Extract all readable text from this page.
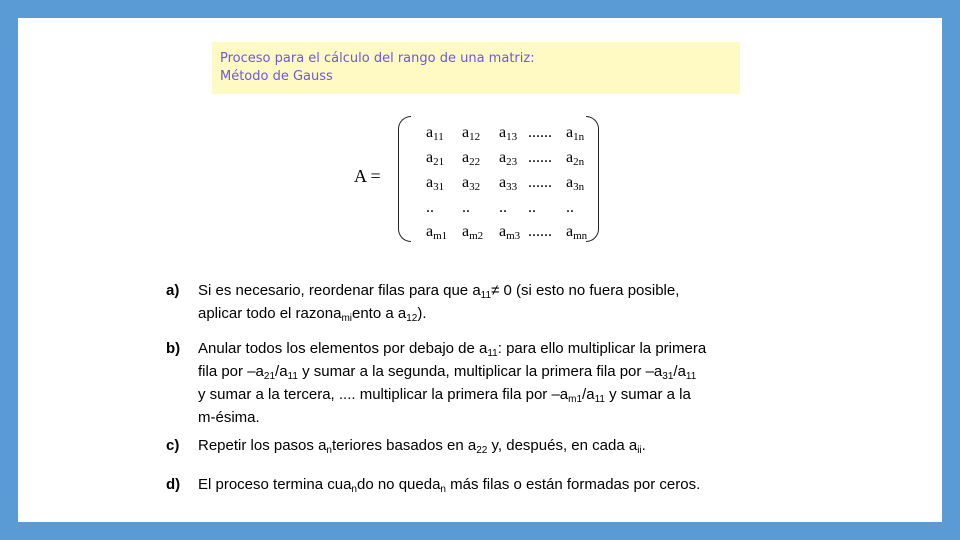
Proceso para el cálculo del rango de una matriz:
Método de Gauss
A =
$a_{11}$ $a_{12}$ $a_{13}$ ...... $a_{1n}$
$a_{21}$ $a_{22}$ $a_{23}$ ...... $a_{2n}$
$a_{31}$ $a_{32}$ $a_{33}$ ...... $a_{3n}$
.. .. .. .. ..
$a_{m1}$ $a_{m2}$ $a_{m3}$ ...... $a_{mn}$
a) Si es necesario, reordenar filas para que $a_{11}\ne 0$ (si esto no fuera posible,
aplicar todo el razona$_{mi}$ento a $a_{12}$).
b) Anular todos los elementos por debajo de $a_{11}$: para ello multiplicar la primera
fila por $-a_{21}/a_{11}$ y sumar a la segunda, multiplicar la primera fila por $-a_{31}/a_{11}$
y sumar a la tercera, .... multiplicar la primera fila por $-a_{m1}/a_{11}$ y sumar a la
m-ésima.
c) Repetir los pasos $a_nteriores$ basados en $a_{22}$ y, después, en cada $a_{ii}$.
d) El proceso termina cua$_n$do no queda$_n$ más filas o están formadas por ceros.
